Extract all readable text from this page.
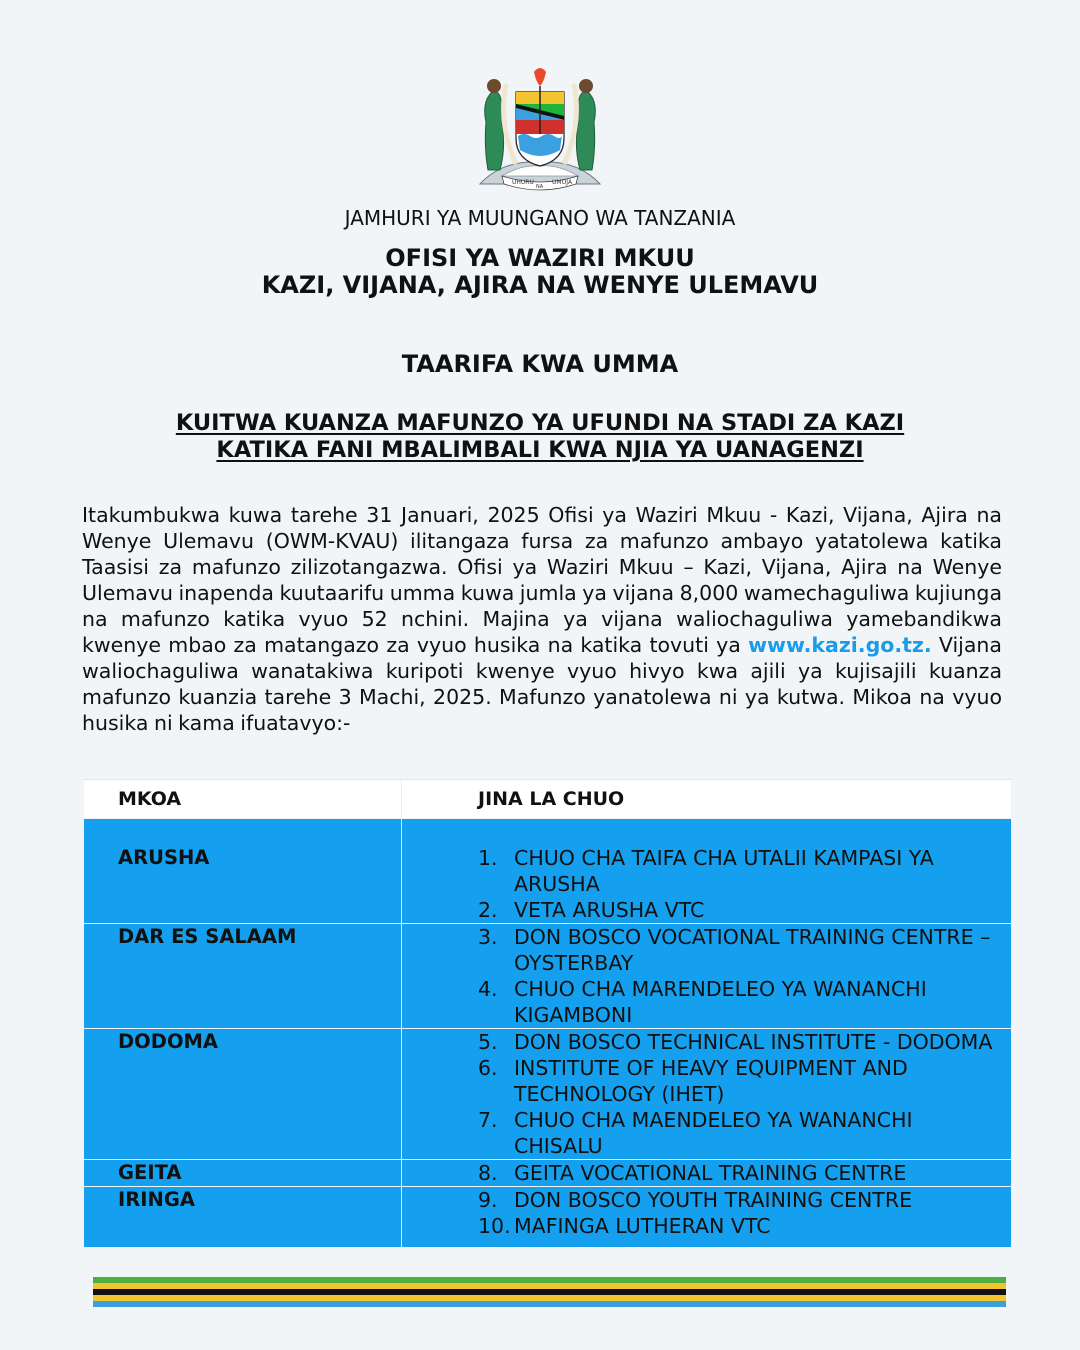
UHURU
NA
UMOJA
JAMHURI YA MUUNGANO WA TANZANIA
OFISI YA WAZIRI MKUU
KAZI, VIJANA, AJIRA NA WENYE ULEMAVU
TAARIFA KWA UMMA
KUITWA KUANZA MAFUNZO YA UFUNDI NA STADI ZA KAZI
KATIKA FANI MBALIMBALI KWA NJIA YA UANAGENZI
Itakumbukwa kuwa tarehe 31 Januari, 2025 Ofisi ya Waziri Mkuu - Kazi, Vijana, Ajira na Wenye Ulemavu (OWM-KVAU) ilitangaza fursa za mafunzo ambayo yatatolewa katika Taasisi za mafunzo zilizotangazwa. Ofisi ya Waziri Mkuu – Kazi, Vijana, Ajira na Wenye Ulemavu inapenda kuutaarifu umma kuwa jumla ya vijana 8,000 wamechaguliwa kujiunga na mafunzo katika vyuo 52 nchini. Majina ya vijana waliochaguliwa yamebandikwa kwenye mbao za matangazo za vyuo husika na katika tovuti ya www.kazi.go.tz. Vijana waliochaguliwa wanatakiwa kuripoti kwenye vyuo hivyo kwa ajili ya kujisajili kuanza mafunzo kuanzia tarehe 3 Machi, 2025. Mafunzo yanatolewa ni ya kutwa. Mikoa na vyuo husika ni kama ifuatavyo:-
MKOA	JINA LA CHUO
ARUSHA	1. CHUO CHA TAIFA CHA UTALII KAMPASI YA ARUSHA
2. VETA ARUSHA VTC
DAR ES SALAAM	3. DON BOSCO VOCATIONAL TRAINING CENTRE – OYSTERBAY
4. CHUO CHA MARENDELEO YA WANANCHI KIGAMBONI
DODOMA	5. DON BOSCO TECHNICAL INSTITUTE - DODOMA
6. INSTITUTE OF HEAVY EQUIPMENT AND TECHNOLOGY (IHET)
7. CHUO CHA MAENDELEO YA WANANCHI CHISALU
GEITA	8. GEITA VOCATIONAL TRAINING CENTRE
IRINGA	9. DON BOSCO YOUTH TRAINING CENTRE
10. MAFINGA LUTHERAN VTC
